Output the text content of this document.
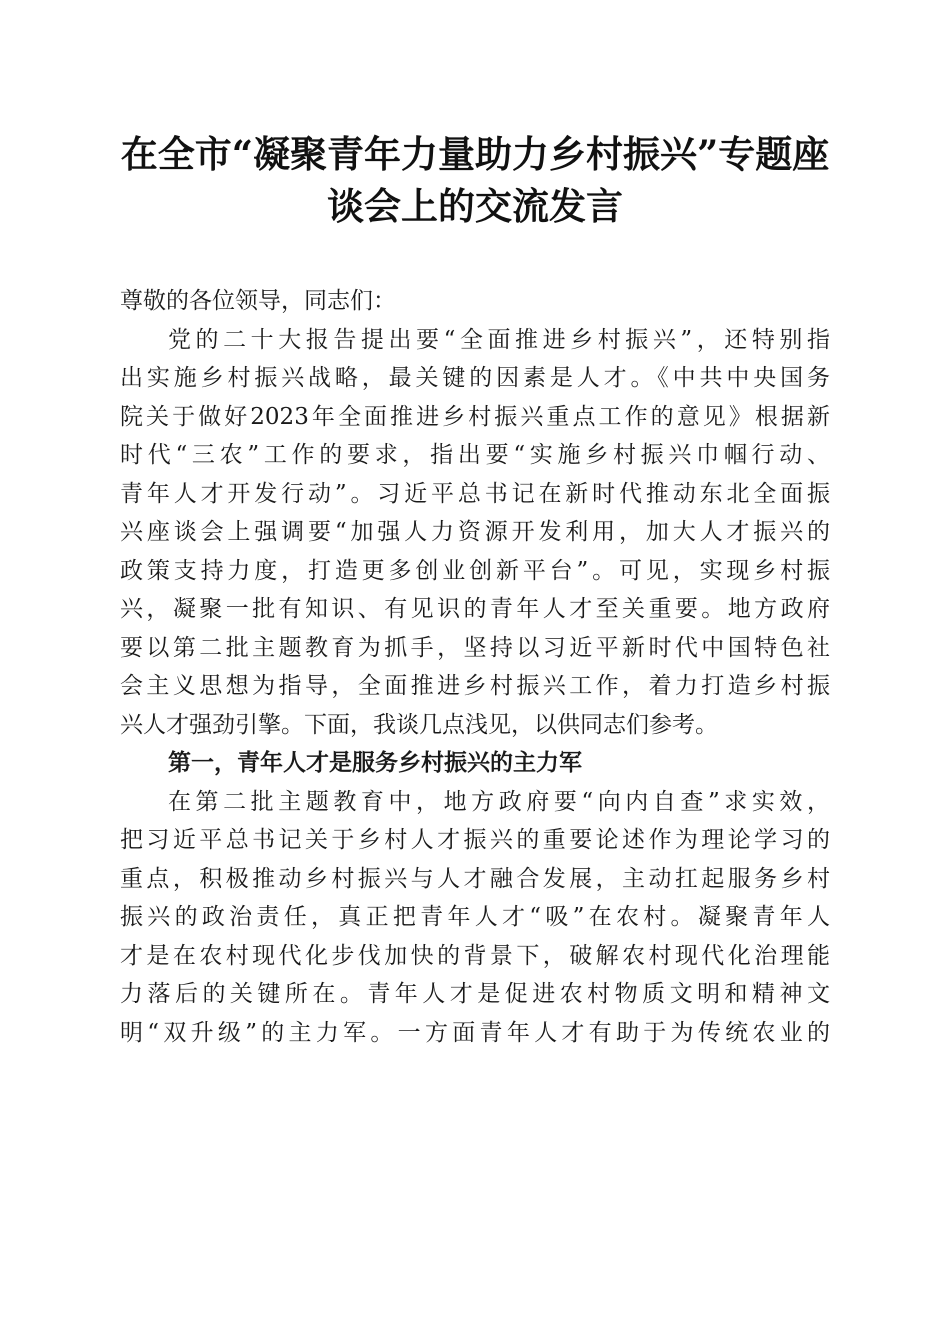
在全市“凝聚青年力量助力乡村振兴”专题座
谈会上的交流发言
尊敬的各位领导，同志们：
党的二十大报告提出要“全面推进乡村振兴”，还特别指
出实施乡村振兴战略，最关键的因素是人才。《中共中央国务
院关于做好2023年全面推进乡村振兴重点工作的意见》根据新
时代“三农”工作的要求，指出要“实施乡村振兴巾帼行动、
青年人才开发行动”。习近平总书记在新时代推动东北全面振
兴座谈会上强调要“加强人力资源开发利用，加大人才振兴的
政策支持力度，打造更多创业创新平台”。可见，实现乡村振
兴，凝聚一批有知识、有见识的青年人才至关重要。地方政府
要以第二批主题教育为抓手，坚持以习近平新时代中国特色社
会主义思想为指导，全面推进乡村振兴工作，着力打造乡村振
兴人才强劲引擎。下面，我谈几点浅见，以供同志们参考。
第一，青年人才是服务乡村振兴的主力军
在第二批主题教育中，地方政府要“向内自查”求实效，
把习近平总书记关于乡村人才振兴的重要论述作为理论学习的
重点，积极推动乡村振兴与人才融合发展，主动扛起服务乡村
振兴的政治责任，真正把青年人才“吸”在农村。凝聚青年人
才是在农村现代化步伐加快的背景下，破解农村现代化治理能
力落后的关键所在。青年人才是促进农村物质文明和精神文
明“双升级”的主力军。一方面青年人才有助于为传统农业的
